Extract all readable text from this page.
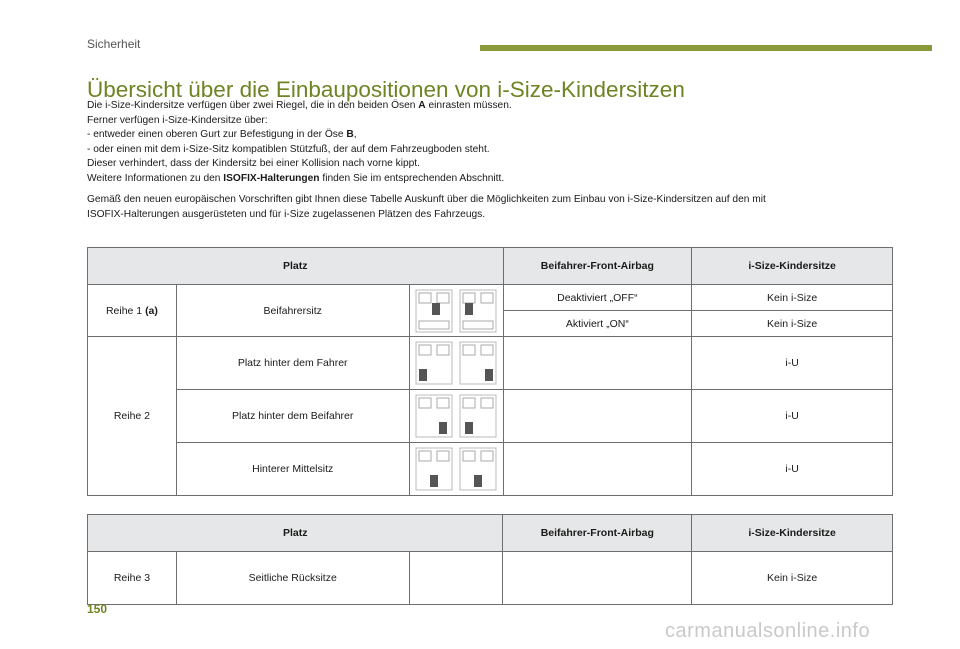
Sicherheit
Übersicht über die Einbaupositionen von i-Size-Kindersitzen

Die i-Size-Kindersitze verfügen über zwei Riegel, die in den beiden Ösen A einrasten müssen.

Ferner verfügen i-Size-Kindersitze über:

- entweder einen oberen Gurt zur Befestigung in der Öse B,

- oder einen mit dem i-Size-Sitz kompatiblen Stützfuß, der auf dem Fahrzeugboden steht.

Dieser verhindert, dass der Kindersitz bei einer Kollision nach vorne kippt.

Weitere Informationen zu den ISOFIX-Halterungen finden Sie im entsprechenden Abschnitt.

Gemäß den neuen europäischen Vorschriften gibt Ihnen diese Tabelle Auskunft über die Möglichkeiten zum Einbau von i-Size-Kindersitzen auf den mit

ISOFIX-Halterungen ausgerüsteten und für i-Size zugelassenen Plätzen des Fahrzeugs.

Platz			Beifahrer-Front-Airbag	i-Size-Kindersitze
Reihe 1 (a)	Beifahrersitz		Deaktiviert „OFF“	Kein i-Size
			Aktiviert „ON“	Kein i-Size
Reihe 2	Platz hinter dem Fahrer			i-U
	Platz hinter dem Beifahrer			i-U
	Hinterer Mittelsitz			i-U
Platz			Beifahrer-Front-Airbag	i-Size-Kindersitze
Reihe 3	Seitliche Rücksitze			Kein i-Size
150
carmanualsonline.info
